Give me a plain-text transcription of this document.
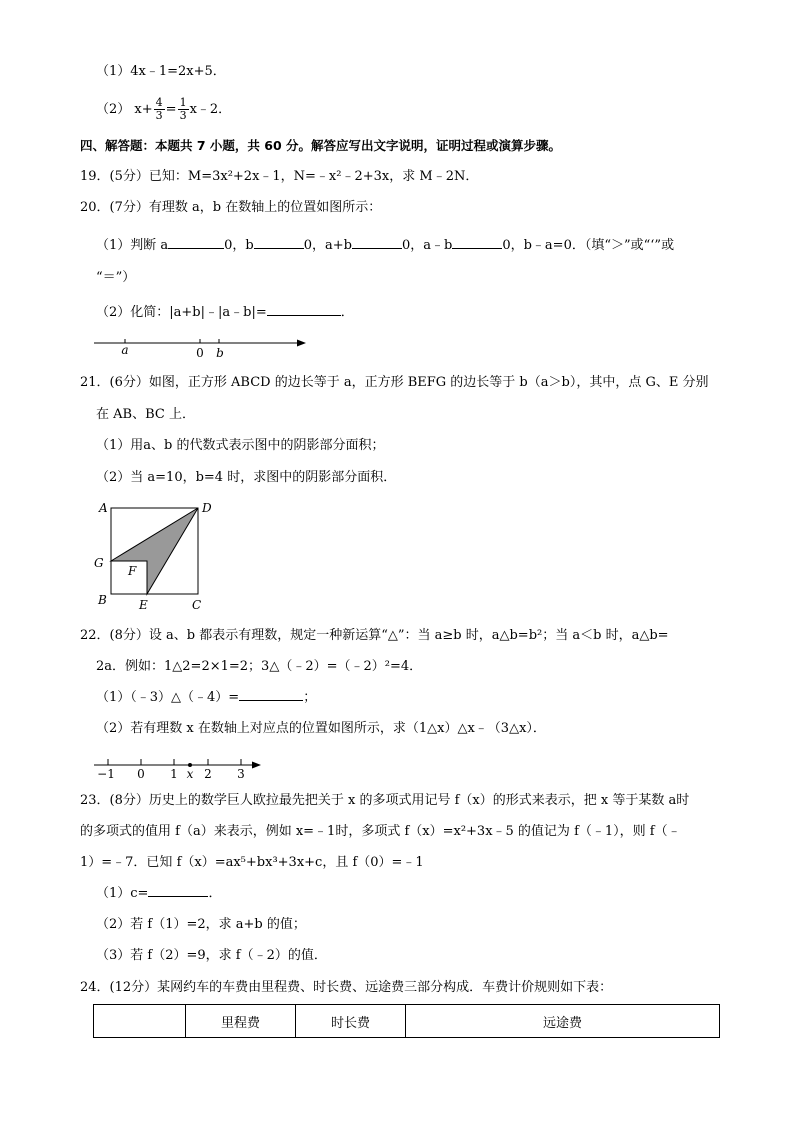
（1）4x﹣1=2x+5．
（2） $x+ \frac{4}{3} = \frac{1}{3}$ x﹣2．
四、解答题：本题共 7 小题，共 60 分。解答应写出文字说明，证明过程或演算步骤。
19．(5分）已知：M=3x²+2x﹣1，N=﹣x²﹣2+3x，求 M﹣2N．
20．(7分）有理数 a，b 在数轴上的位置如图所示：
（1）判断 a	0，b	0，a+b	0，a﹣b	0，b﹣a=0．（填“＞”或“‘”或
“＝”）
（2）化简：|a+b|﹣|a﹣b|=	．
a	0 b
21．(6分）如图，正方形 ABCD 的边长等于 a，正方形 BEFG 的边长等于 b（a＞b），其中，点 G、E 分别
在 AB、BC 上．
（1）用a、b 的代数式表示图中的阴影部分面积；
（2）当 a=10，b=4 时，求图中的阴影部分面积．
A	D
G
F
B	E	C
22．(8分）设 a、b 都表示有理数，规定一种新运算“△”：当 a≥b 时，a△b=b²；当 a＜b 时，a△b=
2a．例如：1△2=2×1=2；3△（﹣2）=（﹣2）²=4．
（1）（﹣3）△（﹣4）=	；
（2）若有理数 x 在数轴上对应点的位置如图所示，求（1△x）△x﹣（3△x）．
−1 0 1 x 2 3
23．(8分）历史上的数学巨人欧拉最先把关于 x 的多项式用记号 f（x）的形式来表示，把 x 等于某数 a时
的多项式的值用 f（a）来表示，例如 x=﹣1时，多项式 f（x）=x²+3x﹣5 的值记为 f（﹣1），则 f（﹣
1）=﹣7．已知 f（x）=ax⁵+bx³+3x+c，且 f（0）=﹣1
（1）c=	．
（2）若 f（1）=2，求 a+b 的值；
（3）若 f（2）=9，求 f（﹣2）的值．
24．(12分）某网约车的车费由里程费、时长费、远途费三部分构成．车费计价规则如下表：
	里程费	时长费	远途费
